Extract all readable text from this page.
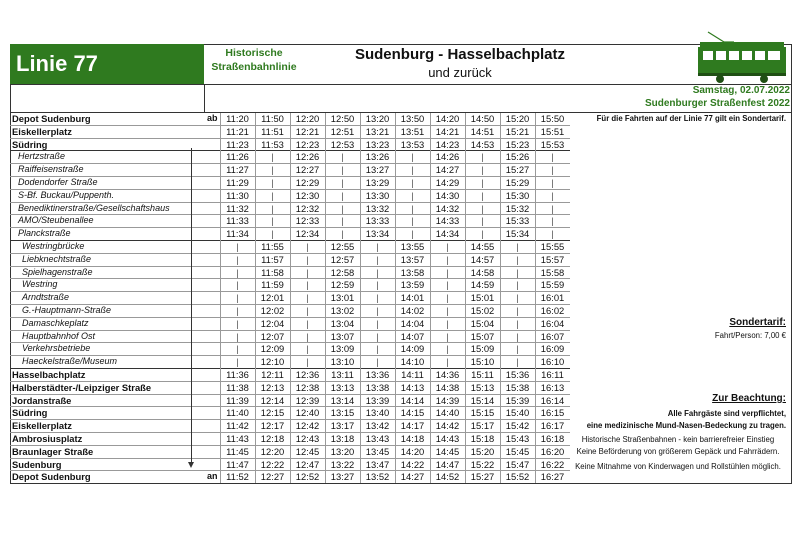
Linie 77	Historische
Straßenbahnlinie
Sudenburg - Hasselbachplatz
und zurück
Samstag, 02.07.2022
Sudenburger Straßenfest 2022
Depot Sudenburg	ab	11:20	11:50	12:20	12:50	13:20	13:50	14:20	14:50	15:20	15:50
Eiskellerplatz		11:21	11:51	12:21	12:51	13:21	13:51	14:21	14:51	15:21	15:51
Südring		11:23	11:53	12:23	12:53	13:23	13:53	14:23	14:53	15:23	15:53
Hertzstraße		11:26	|	12:26	|	13:26	|	14:26	|	15:26	|
Raiffeisenstraße		11:27	|	12:27	|	13:27	|	14:27	|	15:27	|
Dodendorfer Straße		11:29	|	12:29	|	13:29	|	14:29	|	15:29	|
S-Bf. Buckau/Puppenth.		11:30	|	12:30	|	13:30	|	14:30	|	15:30	|
Benediktinerstraße/Gesellschaftshaus		11:32	|	12:32	|	13:32	|	14:32	|	15:32	|
AMO/Steubenallee		11:33	|	12:33	|	13:33	|	14:33	|	15:33	|
Planckstraße		11:34	|	12:34	|	13:34	|	14:34	|	15:34	|
Westringbrücke		|	11:55	|	12:55	|	13:55	|	14:55	|	15:55
Liebknechtstraße		|	11:57	|	12:57	|	13:57	|	14:57	|	15:57
Spielhagenstraße		|	11:58	|	12:58	|	13:58	|	14:58	|	15:58
Westring		|	11:59	|	12:59	|	13:59	|	14:59	|	15:59
Arndtstraße		|	12:01	|	13:01	|	14:01	|	15:01	|	16:01
G.-Hauptmann-Straße		|	12:02	|	13:02	|	14:02	|	15:02	|	16:02
Damaschkeplatz		|	12:04	|	13:04	|	14:04	|	15:04	|	16:04
Hauptbahnhof Ost		|	12:07	|	13:07	|	14:07	|	15:07	|	16:07
Verkehrsbetriebe		|	12:09	|	13:09	|	14:09	|	15:09	|	16:09
Haeckelstraße/Museum		|	12:10	|	13:10	|	14:10	|	15:10	|	16:10
Hasselbachplatz		11:36	12:11	12:36	13:11	13:36	14:11	14:36	15:11	15:36	16:11
Halberstädter-/Leipziger Straße		11:38	12:13	12:38	13:13	13:38	14:13	14:38	15:13	15:38	16:13
Jordanstraße		11:39	12:14	12:39	13:14	13:39	14:14	14:39	15:14	15:39	16:14
Südring		11:40	12:15	12:40	13:15	13:40	14:15	14:40	15:15	15:40	16:15
Eiskellerplatz		11:42	12:17	12:42	13:17	13:42	14:17	14:42	15:17	15:42	16:17
Ambrosiusplatz		11:43	12:18	12:43	13:18	13:43	14:18	14:43	15:18	15:43	16:18
Braunlager Straße		11:45	12:20	12:45	13:20	13:45	14:20	14:45	15:20	15:45	16:20
Sudenburg		11:47	12:22	12:47	13:22	13:47	14:22	14:47	15:22	15:47	16:22
Depot Sudenburg	an	11:52	12:27	12:52	13:27	13:52	14:27	14:52	15:27	15:52	16:27
Für die Fahrten auf der Linie 77 gilt ein Sondertarif.
Sondertarif:
Fahrt/Person: 7,00 €
Zur Beachtung:
Alle Fahrgäste sind verpflichtet,
eine medizinische Mund-Nasen-Bedeckung zu tragen.
Historische Straßenbahnen - kein barrierefreier Einstieg
Keine Beförderung von größerem Gepäck und Fahrrädern.
Keine Mitnahme von Kinderwagen und Rollstühlen möglich.
